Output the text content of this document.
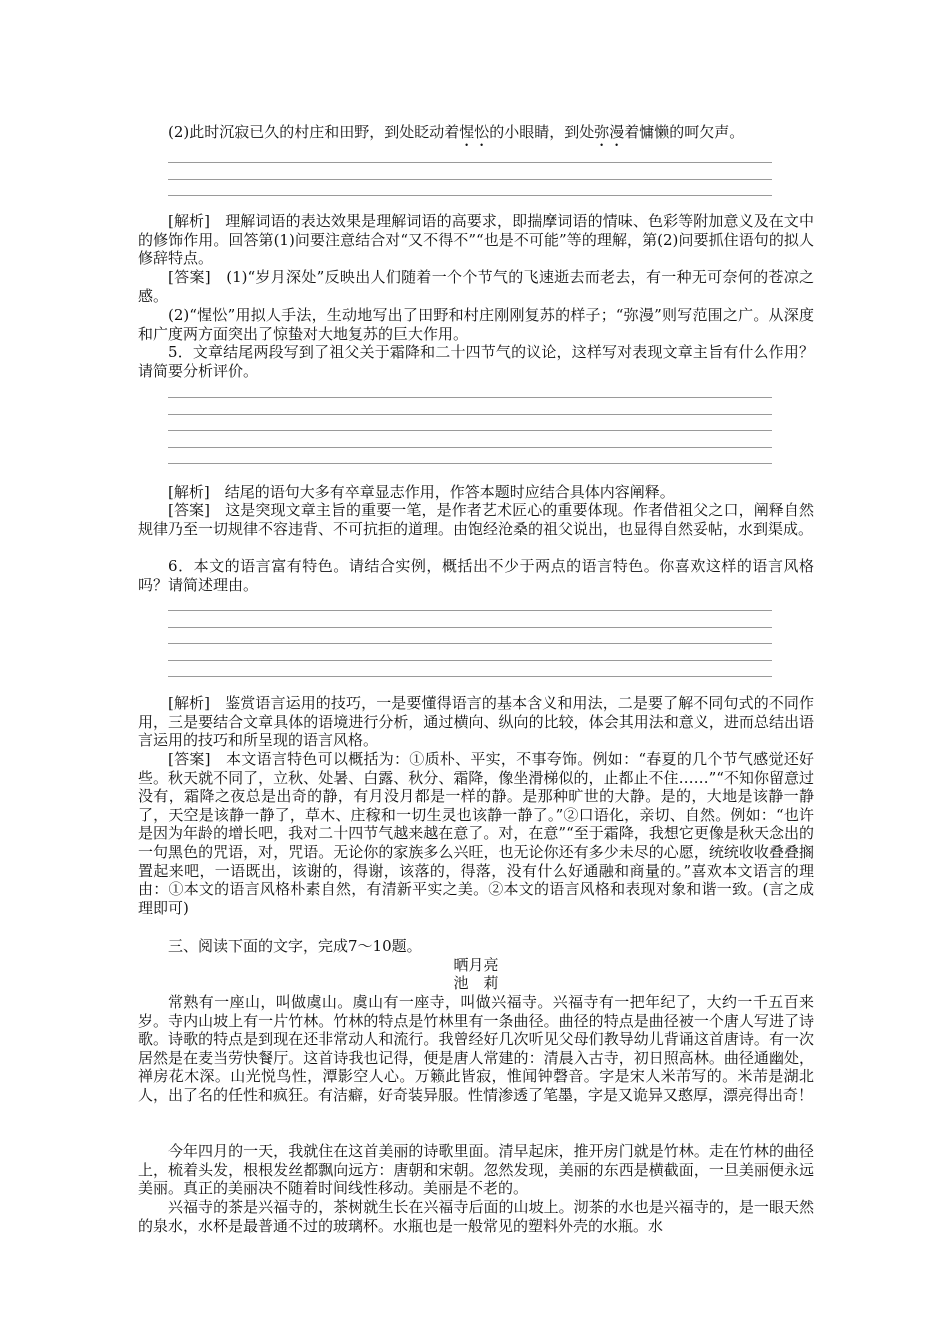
(2)此时沉寂已久的村庄和田野，到处眨动着惺忪的小眼睛，到处弥漫着慵懒的呵欠声。

[解析]　理解词语的表达效果是理解词语的高要求，即揣摩词语的情味、色彩等附加意义及在文中的修饰作用。回答第(1)问要注意结合对“又不得不”“也是不可能”等的理解，第(2)问要抓住语句的拟人修辞特点。

[答案]　(1)“岁月深处”反映出人们随着一个个节气的飞速逝去而老去，有一种无可奈何的苍凉之感。

(2)“惺忪”用拟人手法，生动地写出了田野和村庄刚刚复苏的样子；“弥漫”则写范围之广。从深度和广度两方面突出了惊蛰对大地复苏的巨大作用。

5．文章结尾两段写到了祖父关于霜降和二十四节气的议论，这样写对表现文章主旨有什么作用？请简要分析评价。

[解析]　结尾的语句大多有卒章显志作用，作答本题时应结合具体内容阐释。

[答案]　这是突现文章主旨的重要一笔，是作者艺术匠心的重要体现。作者借祖父之口，阐释自然规律乃至一切规律不容违背、不可抗拒的道理。由饱经沧桑的祖父说出，也显得自然妥帖，水到渠成。

6．本文的语言富有特色。请结合实例，概括出不少于两点的语言特色。你喜欢这样的语言风格吗？请简述理由。

[解析]　鉴赏语言运用的技巧，一是要懂得语言的基本含义和用法，二是要了解不同句式的不同作用，三是要结合文章具体的语境进行分析，通过横向、纵向的比较，体会其用法和意义，进而总结出语言运用的技巧和所呈现的语言风格。

[答案]　本文语言特色可以概括为：①质朴、平实，不事夸饰。例如：“春夏的几个节气感觉还好些。秋天就不同了，立秋、处暑、白露、秋分、霜降，像坐滑梯似的，止都止不住……”“不知你留意过没有，霜降之夜总是出奇的静，有月没月都是一样的静。是那种旷世的大静。是的，大地是该静一静了，天空是该静一静了，草木、庄稼和一切生灵也该静一静了。”②口语化，亲切、自然。例如：“也许是因为年龄的增长吧，我对二十四节气越来越在意了。对，在意”“至于霜降，我想它更像是秋天念出的一句黑色的咒语，对，咒语。无论你的家族多么兴旺，也无论你还有多少未尽的心愿，统统收收叠叠搁置起来吧，一语既出，该谢的，得谢，该落的，得落，没有什么好通融和商量的。”喜欢本文语言的理由：①本文的语言风格朴素自然，有清新平实之美。②本文的语言风格和表现对象和谐一致。(言之成理即可)

三、阅读下面的文字，完成7～10题。

晒月亮

池　莉

常熟有一座山，叫做虞山。虞山有一座寺，叫做兴福寺。兴福寺有一把年纪了，大约一千五百来岁。寺内山坡上有一片竹林。竹林的特点是竹林里有一条曲径。曲径的特点是曲径被一个唐人写进了诗歌。诗歌的特点是到现在还非常动人和流行。我曾经好几次听见父母们教导幼儿背诵这首唐诗。有一次居然是在麦当劳快餐厅。这首诗我也记得，便是唐人常建的：清晨入古寺，初日照高林。曲径通幽处，禅房花木深。山光悦鸟性，潭影空人心。万籁此皆寂，惟闻钟磬音。字是宋人米芾写的。米芾是湖北人，出了名的任性和疯狂。有洁癖，好奇装异服。性情渗透了笔墨，字是又诡异又憨厚，漂亮得出奇！

今年四月的一天，我就住在这首美丽的诗歌里面。清早起床，推开房门就是竹林。走在竹林的曲径上，梳着头发，根根发丝都飘向远方：唐朝和宋朝。忽然发现，美丽的东西是横截面，一旦美丽便永远美丽。真正的美丽决不随着时间线性移动。美丽是不老的。

兴福寺的茶是兴福寺的，茶树就生长在兴福寺后面的山坡上。沏茶的水也是兴福寺的，是一眼天然的泉水，水杯是最普通不过的玻璃杯。水瓶也是一般常见的塑料外壳的水瓶。水
